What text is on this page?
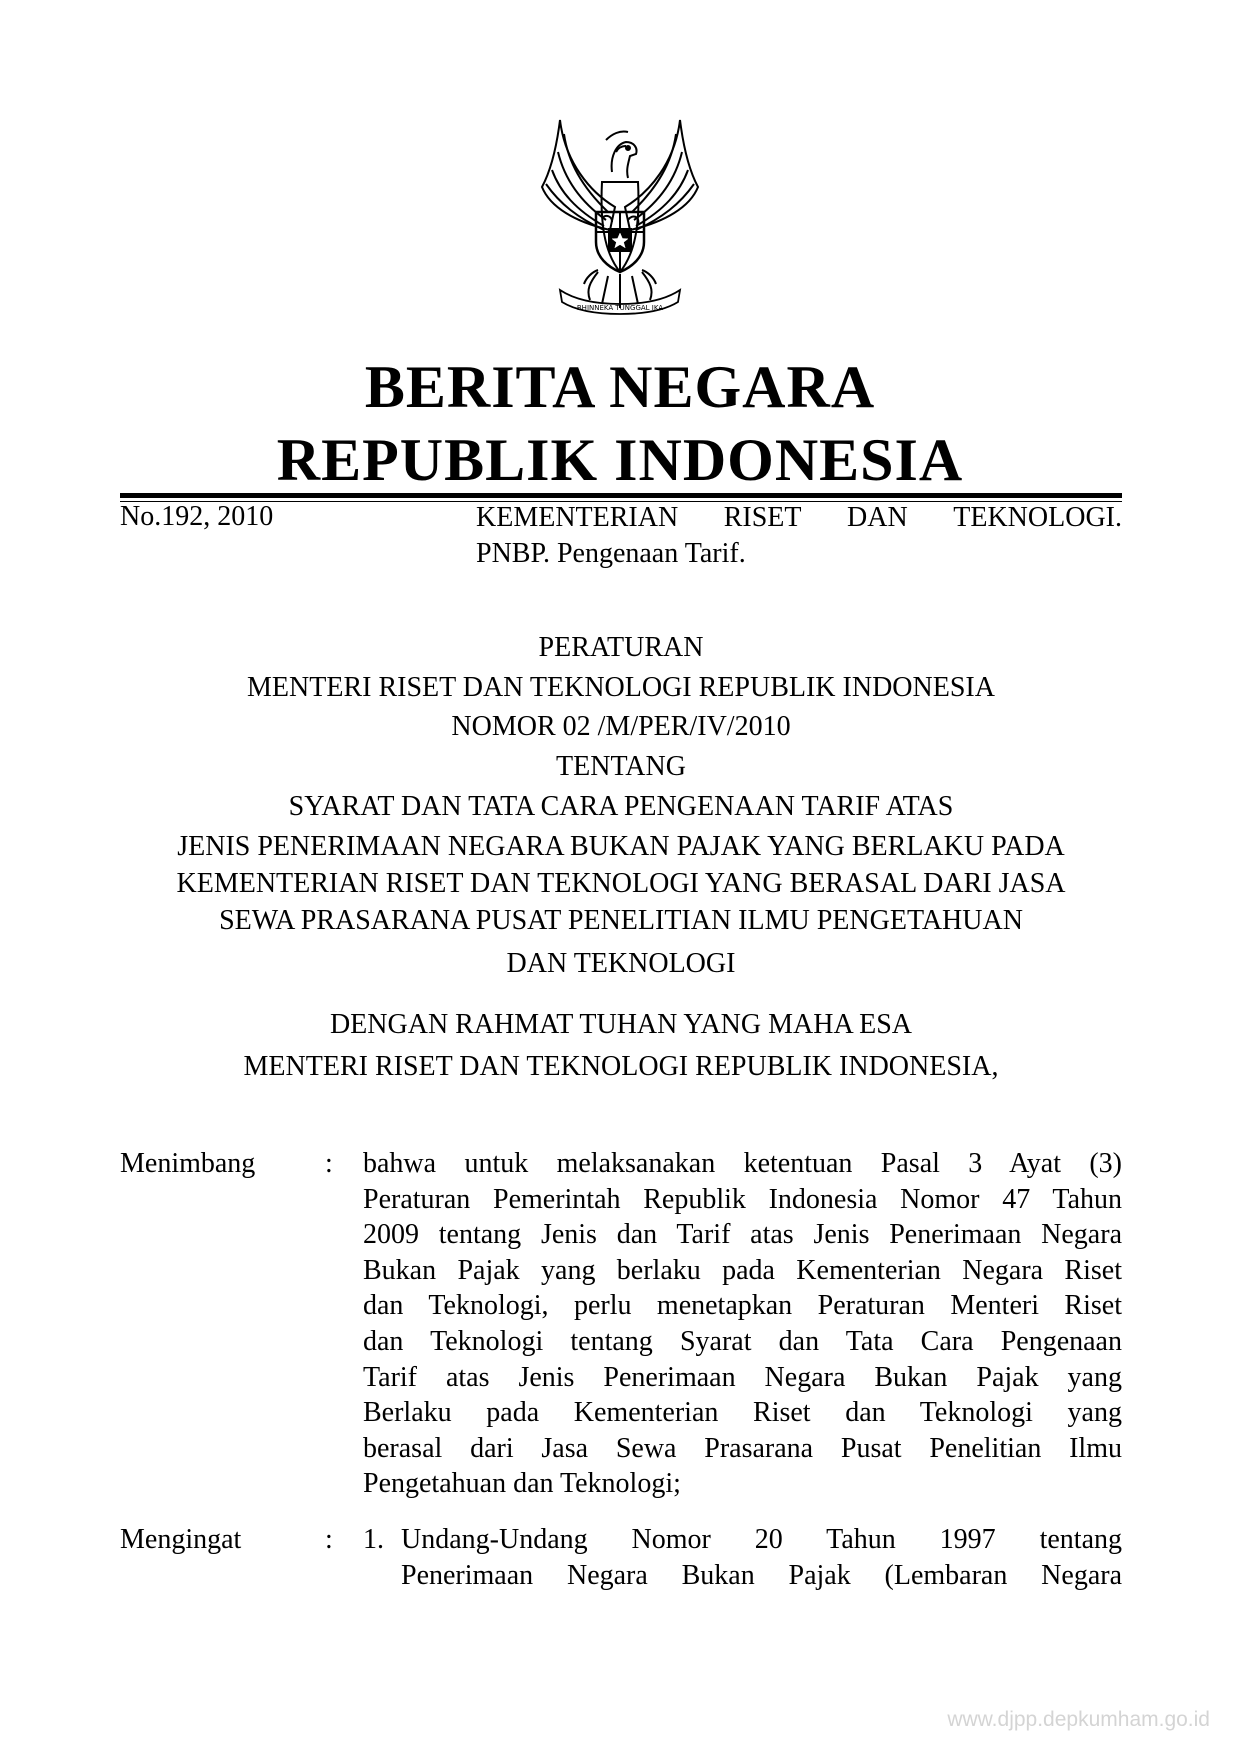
BHINNEKA TUNGGAL IKA
BERITA NEGARA
REPUBLIK INDONESIA
No.192, 2010	KEMENTERIAN RISET DAN TEKNOLOGI.
PNBP. Pengenaan Tarif.
PERATURAN
MENTERI RISET DAN TEKNOLOGI REPUBLIK INDONESIA
NOMOR 02 /M/PER/IV/2010
TENTANG
SYARAT DAN TATA CARA PENGENAAN TARIF ATAS
JENIS PENERIMAAN NEGARA BUKAN PAJAK YANG BERLAKU PADA
KEMENTERIAN RISET DAN TEKNOLOGI YANG BERASAL DARI JASA
SEWA PRASARANA PUSAT PENELITIAN ILMU PENGETAHUAN
DAN TEKNOLOGI
DENGAN RAHMAT TUHAN YANG MAHA ESA
MENTERI RISET DAN TEKNOLOGI REPUBLIK INDONESIA,
Menimbang : bahwa untuk melaksanakan ketentuan Pasal 3 Ayat (3)
Peraturan Pemerintah Republik Indonesia Nomor 47 Tahun
2009 tentang Jenis dan Tarif atas Jenis Penerimaan Negara
Bukan Pajak yang berlaku pada Kementerian Negara Riset
dan Teknologi, perlu menetapkan Peraturan Menteri Riset
dan Teknologi tentang Syarat dan Tata Cara Pengenaan
Tarif atas Jenis Penerimaan Negara Bukan Pajak yang
Berlaku pada Kementerian Riset dan Teknologi yang
berasal dari Jasa Sewa Prasarana Pusat Penelitian Ilmu
Pengetahuan dan Teknologi;
Mengingat	: 1. Undang-Undang Nomor 20 Tahun 1997 tentang
Penerimaan Negara Bukan Pajak (Lembaran Negara
www.djpp.depkumham.go.id
